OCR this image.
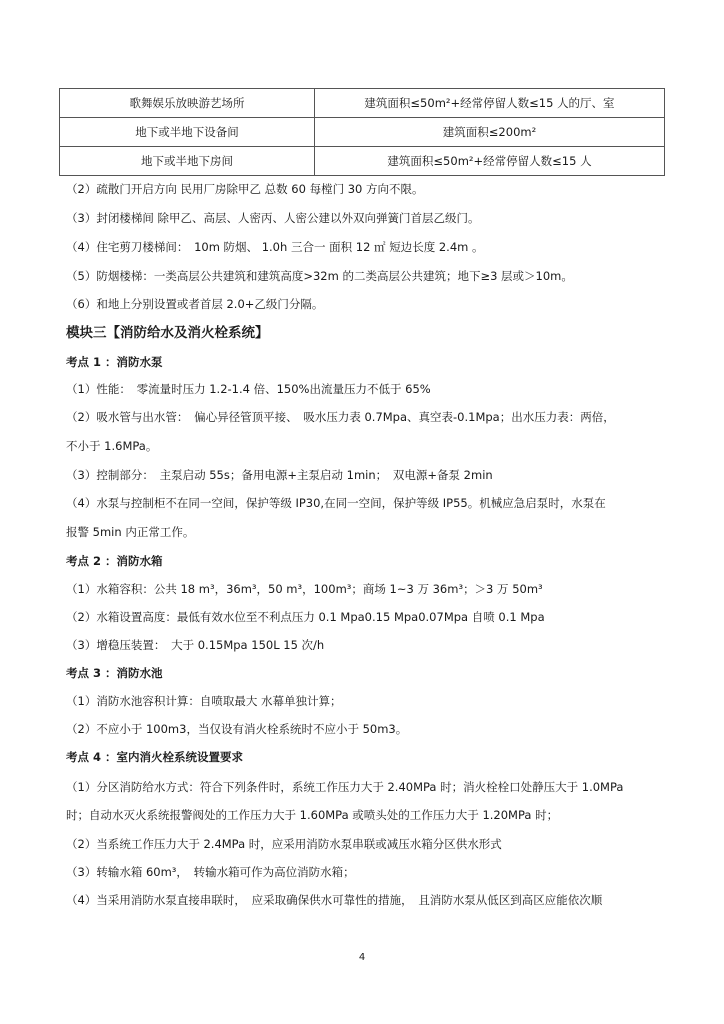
歌舞娱乐放映游艺场所	建筑面积≤50m²+经常停留人数≤15 人的厅、室
地下或半地下设备间	建筑面积≤200m²
地下或半地下房间	建筑面积≤50m²+经常停留人数≤15 人
（2）疏散门开启方向 民用厂房除甲乙 总数 60 每樘门 30 方向不限。
（3）封闭楼梯间 除甲乙、高层、人密丙、人密公建以外双向弹簧门首层乙级门。
（4）住宅剪刀楼梯间：　10m 防烟、 1.0h 三合一 面积 12 ㎡ 短边长度 2.4m 。
（5）防烟楼梯：一类高层公共建筑和建筑高度>32m 的二类高层公共建筑；地下≥3 层或＞10m。
（6）和地上分别设置或者首层 2.0+乙级门分隔。
模块三【消防给水及消火栓系统】
考点 1 ：消防水泵
（1）性能：　零流量时压力 1.2-1.4 倍、150%出流量压力不低于 65%
（2）吸水管与出水管：　偏心异径管顶平接、　吸水压力表 0.7Mpa、真空表-0.1Mpa；出水压力表：两倍，
不小于 1.6MPa。
（3）控制部分：　主泵启动 55s；备用电源+主泵启动 1min；　双电源+备泵 2min
（4）水泵与控制柜不在同一空间，保护等级 IP30,在同一空间，保护等级 IP55。机械应急启泵时，水泵在
报警 5min 内正常工作。
考点 2 ：消防水箱
（1）水箱容积：公共 18 m³，36m³，50 m³，100m³；商场 1~3 万 36m³；＞3 万 50m³
（2）水箱设置高度：最低有效水位至不利点压力 0.1 Mpa0.15 Mpa0.07Mpa 自喷 0.1 Mpa
（3）增稳压装置：　大于 0.15Mpa 150L 15 次/h
考点 3 ：消防水池
（1）消防水池容积计算：自喷取最大 水幕单独计算；
（2）不应小于 100m3，当仅设有消火栓系统时不应小于 50m3。
考点 4 ：室内消火栓系统设置要求
（1）分区消防给水方式：符合下列条件时，系统工作压力大于 2.40MPa 时；消火栓栓口处静压大于 1.0MPa
时；自动水灭火系统报警阀处的工作压力大于 1.60MPa 或喷头处的工作压力大于 1.20MPa 时；
（2）当系统工作压力大于 2.4MPa 时，应采用消防水泵串联或减压水箱分区供水形式
（3）转输水箱 60m³，　转输水箱可作为高位消防水箱；
（4）当采用消防水泵直接串联时，　应采取确保供水可靠性的措施，　且消防水泵从低区到高区应能依次顺
4
